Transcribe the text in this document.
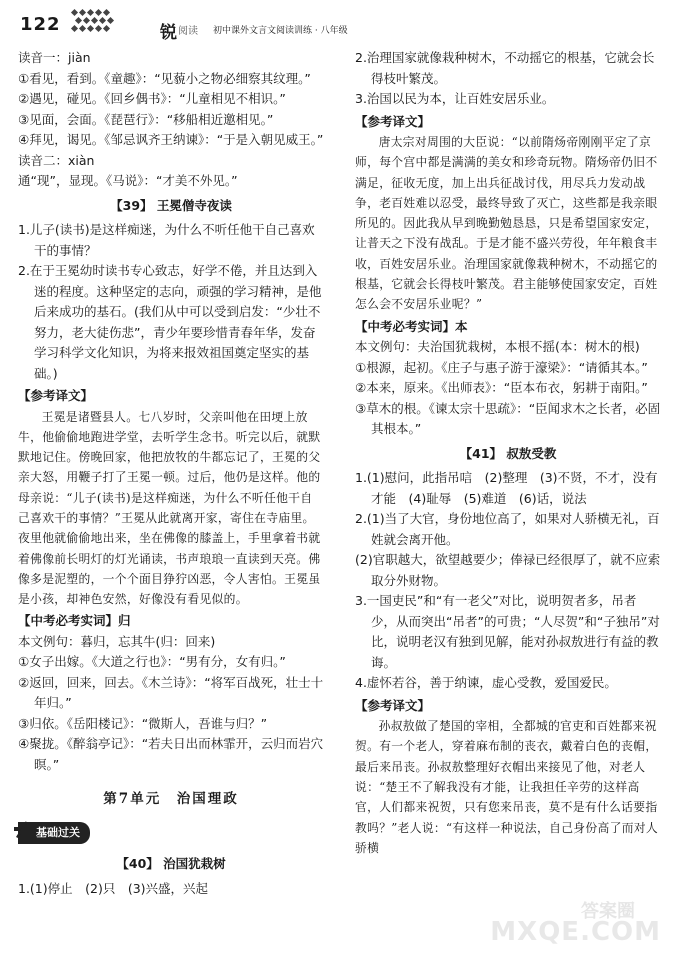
122	锐 阅读 初中课外文言文阅读训练 · 八年级

读音一：jiàn

①看见，看到。《童趣》：“见藐小之物必细察其纹理。”

②遇见，碰见。《回乡偶书》：“儿童相见不相识。”

③见面，会面。《琵琶行》：“移船相近邀相见。”

④拜见，谒见。《邹忌讽齐王纳谏》：“于是入朝见威王。”

读音二：xiàn

通“现”，显现。《马说》：“才美不外见。”

【39】 王冕僧寺夜读

1.儿子(读书)是这样痴迷，为什么不听任他干自己喜欢干的事情？

2.在于王冕幼时读书专心致志，好学不倦，并且达到入迷的程度。这种坚定的志向，顽强的学习精神，是他后来成功的基石。(我们从中可以受到启发：“少壮不努力，老大徒伤悲”，青少年要珍惜青春年华，发奋学习科学文化知识，为将来报效祖国奠定坚实的基础。)

【参考译文】

王冕是诸暨县人。七八岁时，父亲叫他在田埂上放牛，他偷偷地跑进学堂，去听学生念书。听完以后，就默默地记住。傍晚回家，他把放牧的牛都忘记了，王冕的父亲大怒，用鞭子打了王冕一顿。过后，他仍是这样。他的母亲说：“儿子(读书)是这样痴迷，为什么不听任他干自己喜欢干的事情？”王冕从此就离开家，寄住在寺庙里。夜里他就偷偷地出来，坐在佛像的膝盖上，手里拿着书就着佛像前长明灯的灯光诵读，书声琅琅一直读到天亮。佛像多是泥塑的，一个个面目狰狞凶恶，令人害怕。王冕虽是小孩，却神色安然，好像没有看见似的。

【中考必考实词】归

本文例句：暮归，忘其牛(归：回来)

①女子出嫁。《大道之行也》：“男有分，女有归。”

②返回，回来，回去。《木兰诗》：“将军百战死，壮士十年归。”

③归依。《岳阳楼记》：“微斯人，吾谁与归？”

④聚拢。《醉翁亭记》：“若夫日出而林霏开，云归而岩穴暝。”

第7单元　治国理政

基础过关

【40】 治国犹栽树

1.(1)停止　(2)只　(3)兴盛，兴起

2.治理国家就像栽种树木，不动摇它的根基，它就会长得枝叶繁茂。

3.治国以民为本，让百姓安居乐业。

【参考译文】

唐太宗对周围的大臣说：“以前隋炀帝刚刚平定了京师，每个宫中都是满满的美女和珍奇玩物。隋炀帝仍旧不满足，征收无度，加上出兵征战讨伐，用尽兵力发动战争，老百姓难以忍受，最终导致了灭亡，这些都是我亲眼所见的。因此我从早到晚勤勉恳恳，只是希望国家安定，让普天之下没有战乱。于是才能不盛兴劳役，年年粮食丰收，百姓安居乐业。治理国家就像栽种树木，不动摇它的根基，它就会长得枝叶繁茂。君主能够使国家安定，百姓怎么会不安居乐业呢？”

【中考必考实词】本

本文例句：夫治国犹栽树，本根不摇(本：树木的根)

①根源，起初。《庄子与惠子游于濠梁》：“请循其本。”

②本来，原来。《出师表》：“臣本布衣，躬耕于南阳。”

③草木的根。《谏太宗十思疏》：“臣闻求木之长者，必固其根本。”

【41】 叔敖受教

1.(1)慰问，此指吊唁　(2)整理　(3)不贤，不才，没有才能　(4)耻辱　(5)难道　(6)话，说法

2.(1)当了大官，身份地位高了，如果对人骄横无礼，百姓就会离开他。

(2)官职越大，欲望越要少；俸禄已经很厚了，就不应索取分外财物。

3.一国吏民”和“有一老父”对比，说明贺者多，吊者少，从而突出“吊者”的可贵；“人尽贺”和“子独吊”对比，说明老汉有独到见解，能对孙叔敖进行有益的教诲。

4.虚怀若谷，善于纳谏，虚心受教，爱国爱民。

【参考译文】

孙叔敖做了楚国的宰相，全都城的官吏和百姓都来祝贺。有一个老人，穿着麻布制的丧衣，戴着白色的丧帽，最后来吊丧。孙叔敖整理好衣帽出来接见了他，对老人说：“楚王不了解我没有才能，让我担任辛劳的这样高官，人们都来祝贺，只有您来吊丧，莫不是有什么话要指教吗？”老人说：“有这样一种说法，自己身份高了而对人骄横

答案圈
MXQE.COM
